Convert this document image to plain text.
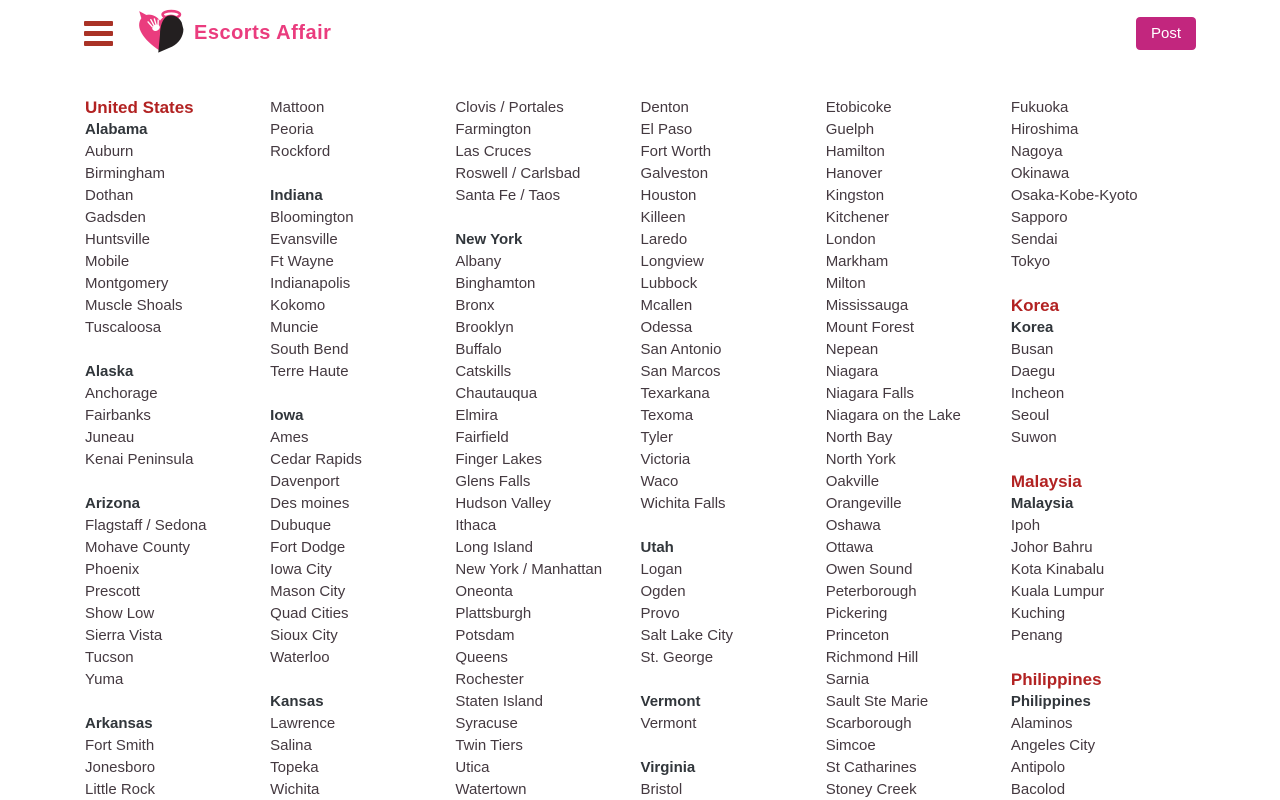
Escorts Affair	Post
United States
Alabama
Auburn
Birmingham
Dothan
Gadsden
Huntsville
Mobile
Montgomery
Muscle Shoals
Tuscaloosa
Alaska
Anchorage
Fairbanks
Juneau
Kenai Peninsula
Arizona
Flagstaff / Sedona
Mohave County
Phoenix
Prescott
Show Low
Sierra Vista
Tucson
Yuma
Arkansas
Fort Smith
Jonesboro
Little Rock
Mattoon
Peoria
Rockford
Indiana
Bloomington
Evansville
Ft Wayne
Indianapolis
Kokomo
Muncie
South Bend
Terre Haute
Iowa
Ames
Cedar Rapids
Davenport
Des moines
Dubuque
Fort Dodge
Iowa City
Mason City
Quad Cities
Sioux City
Waterloo
Kansas
Lawrence
Salina
Topeka
Wichita
Clovis / Portales
Farmington
Las Cruces
Roswell / Carlsbad
Santa Fe / Taos
New York
Albany
Binghamton
Bronx
Brooklyn
Buffalo
Catskills
Chautauqua
Elmira
Fairfield
Finger Lakes
Glens Falls
Hudson Valley
Ithaca
Long Island
New York / Manhattan
Oneonta
Plattsburgh
Potsdam
Queens
Rochester
Staten Island
Syracuse
Twin Tiers
Utica
Watertown
Denton
El Paso
Fort Worth
Galveston
Houston
Killeen
Laredo
Longview
Lubbock
Mcallen
Odessa
San Antonio
San Marcos
Texarkana
Texoma
Tyler
Victoria
Waco
Wichita Falls
Utah
Logan
Ogden
Provo
Salt Lake City
St. George
Vermont
Vermont
Virginia
Bristol
Etobicoke
Guelph
Hamilton
Hanover
Kingston
Kitchener
London
Markham
Milton
Mississauga
Mount Forest
Nepean
Niagara
Niagara Falls
Niagara on the Lake
North Bay
North York
Oakville
Orangeville
Oshawa
Ottawa
Owen Sound
Peterborough
Pickering
Princeton
Richmond Hill
Sarnia
Sault Ste Marie
Scarborough
Simcoe
St Catharines
Stoney Creek
Fukuoka
Hiroshima
Nagoya
Okinawa
Osaka-Kobe-Kyoto
Sapporo
Sendai
Tokyo
Korea
Korea
Busan
Daegu
Incheon
Seoul
Suwon
Malaysia
Malaysia
Ipoh
Johor Bahru
Kota Kinabalu
Kuala Lumpur
Kuching
Penang
Philippines
Philippines
Alaminos
Angeles City
Antipolo
Bacolod
